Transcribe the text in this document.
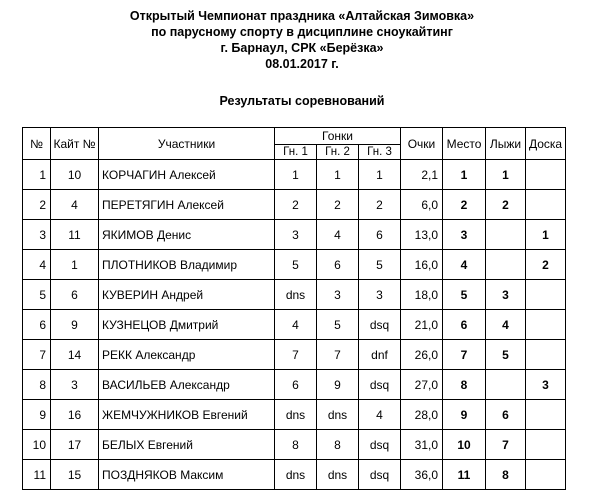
Открытый Чемпионат праздника «Алтайская Зимовка»
по парусному спорту в дисциплине сноукайтинг
г. Барнаул, СРК «Берёзка»
08.01.2017 г.
Результаты соревнований
№	Кайт №	Участники	Гонки			Очки	Место	Лыжи	Доска
			Гн. 1	Гн. 2	Гн. 3				
1	10	КОРЧАГИН Алексей	1	1	1	2,1	1	1	
2	4	ПЕРЕТЯГИН Алексей	2	2	2	6,0	2	2	
3	11	ЯКИМОВ Денис	3	4	6	13,0	3		1
4	1	ПЛОТНИКОВ Владимир	5	6	5	16,0	4		2
5	6	КУВЕРИН Андрей	dns	3	3	18,0	5	3	
6	9	КУЗНЕЦОВ Дмитрий	4	5	dsq	21,0	6	4	
7	14	РЕКК Александр	7	7	dnf	26,0	7	5	
8	3	ВАСИЛЬЕВ Александр	6	9	dsq	27,0	8		3
9	16	ЖЕМЧУЖНИКОВ Евгений	dns	dns	4	28,0	9	6	
10	17	БЕЛЫХ Евгений	8	8	dsq	31,0	10	7	
11	15	ПОЗДНЯКОВ Максим	dns	dns	dsq	36,0	11	8	
